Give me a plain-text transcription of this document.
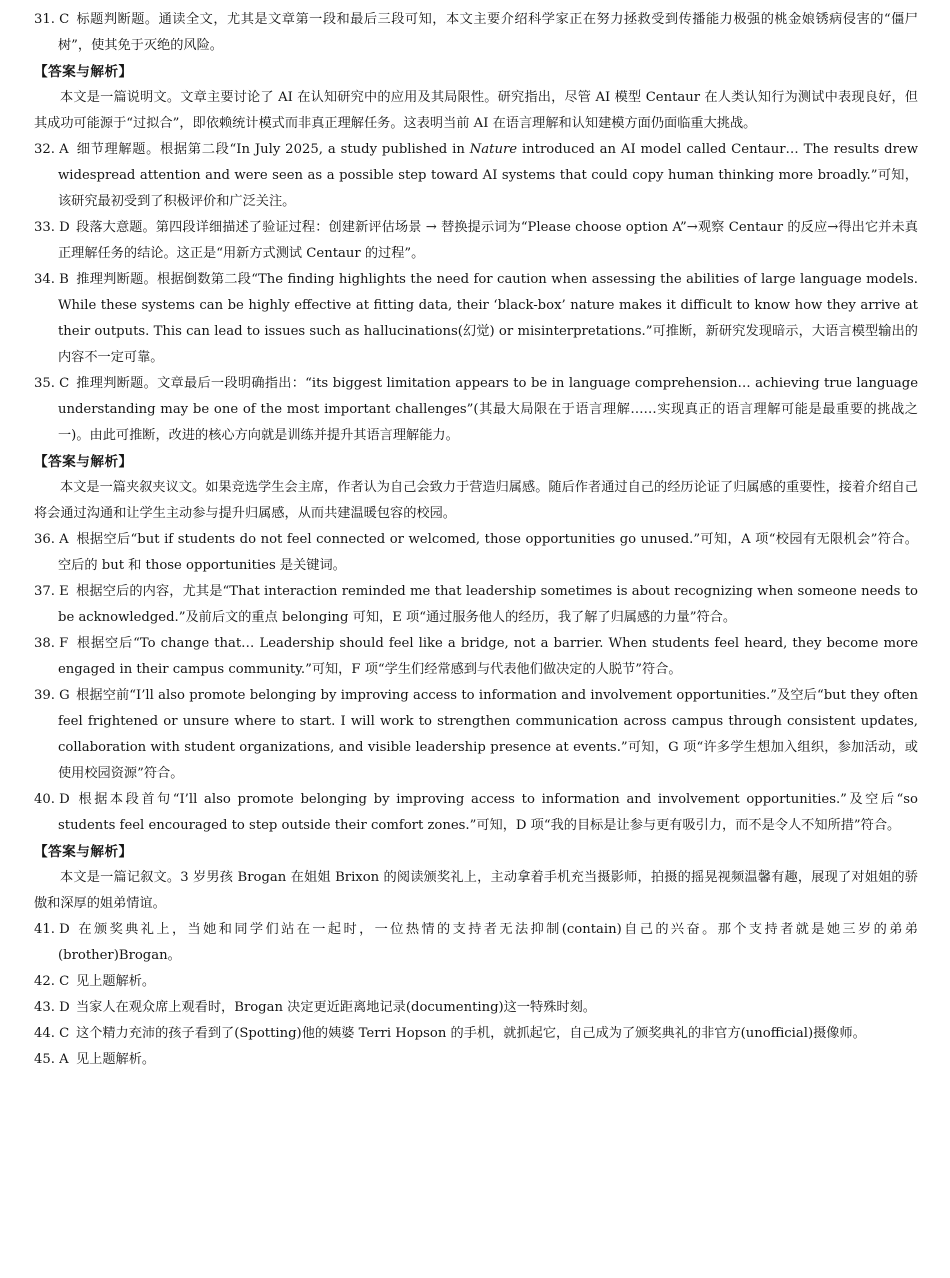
31. C 标题判断题。通读全文，尤其是文章第一段和最后三段可知，本文主要介绍科学家正在努力拯救受到传播能力极强的桃金娘锈病侵害的“僵尸树”，使其免于灭绝的风险。
【答案与解析】
本文是一篇说明文。文章主要讨论了 AI 在认知研究中的应用及其局限性。研究指出，尽管 AI 模型 Centaur 在人类认知行为测试中表现良好，但其成功可能源于“过拟合”，即依赖统计模式而非真正理解任务。这表明当前 AI 在语言理解和认知建模方面仍面临重大挑战。
32. A 细节理解题。根据第二段“In July 2025, a study published in Nature introduced an AI model called Centaur… The results drew widespread attention and were seen as a possible step toward AI systems that could copy human thinking more broadly.”可知，该研究最初受到了积极评价和广泛关注。
33. D 段落大意题。第四段详细描述了验证过程：创建新评估场景 → 替换提示词为“Please choose option A”→观察 Centaur 的反应→得出它并未真正理解任务的结论。这正是“用新方式测试 Centaur 的过程”。
34. B 推理判断题。根据倒数第二段“The finding highlights the need for caution when assessing the abilities of large language models. While these systems can be highly effective at fitting data, their ‘black-box’ nature makes it difficult to know how they arrive at their outputs. This can lead to issues such as hallucinations(幻觉) or misinterpretations.”可推断，新研究发现暗示，大语言模型输出的内容不一定可靠。
35. C 推理判断题。文章最后一段明确指出：“its biggest limitation appears to be in language comprehension… achieving true language understanding may be one of the most important challenges”(其最大局限在于语言理解……实现真正的语言理解可能是最重要的挑战之一)。由此可推断，改进的核心方向就是训练并提升其语言理解能力。
【答案与解析】
本文是一篇夹叙夹议文。如果竞选学生会主席，作者认为自己会致力于营造归属感。随后作者通过自己的经历论证了归属感的重要性，接着介绍自己将会通过沟通和让学生主动参与提升归属感，从而共建温暖包容的校园。
36. A 根据空后“but if students do not feel connected or welcomed, those opportunities go unused.”可知，A 项“校园有无限机会”符合。空后的 but 和 those opportunities 是关键词。
37. E 根据空后的内容，尤其是“That interaction reminded me that leadership sometimes is about recognizing when someone needs to be acknowledged.”及前后文的重点 belonging 可知，E 项“通过服务他人的经历，我了解了归属感的力量”符合。
38. F 根据空后“To change that… Leadership should feel like a bridge, not a barrier. When students feel heard, they become more engaged in their campus community.”可知，F 项“学生们经常感到与代表他们做决定的人脱节”符合。
39. G 根据空前“I’ll also promote belonging by improving access to information and involvement opportunities.”及空后“but they often feel frightened or unsure where to start. I will work to strengthen communication across campus through consistent updates, collaboration with student organizations, and visible leadership presence at events.”可知，G 项“许多学生想加入组织，参加活动，或使用校园资源”符合。
40. D 根据本段首句“I’ll also promote belonging by improving access to information and involvement opportunities.”及空后“so students feel encouraged to step outside their comfort zones.”可知，D 项“我的目标是让参与更有吸引力，而不是令人不知所措”符合。
【答案与解析】
本文是一篇记叙文。3 岁男孩 Brogan 在姐姐 Brixon 的阅读颁奖礼上，主动拿着手机充当摄影师，拍摄的摇晃视频温馨有趣，展现了对姐姐的骄傲和深厚的姐弟情谊。
41. D 在颁奖典礼上，当她和同学们站在一起时，一位热情的支持者无法抑制(contain)自己的兴奋。那个支持者就是她三岁的弟弟(brother)Brogan。
42. C 见上题解析。
43. D 当家人在观众席上观看时，Brogan 决定更近距离地记录(documenting)这一特殊时刻。
44. C 这个精力充沛的孩子看到了(Spotting)他的姨婆 Terri Hopson 的手机，就抓起它，自己成为了颁奖典礼的非官方(unofficial)摄像师。
45. A 见上题解析。
